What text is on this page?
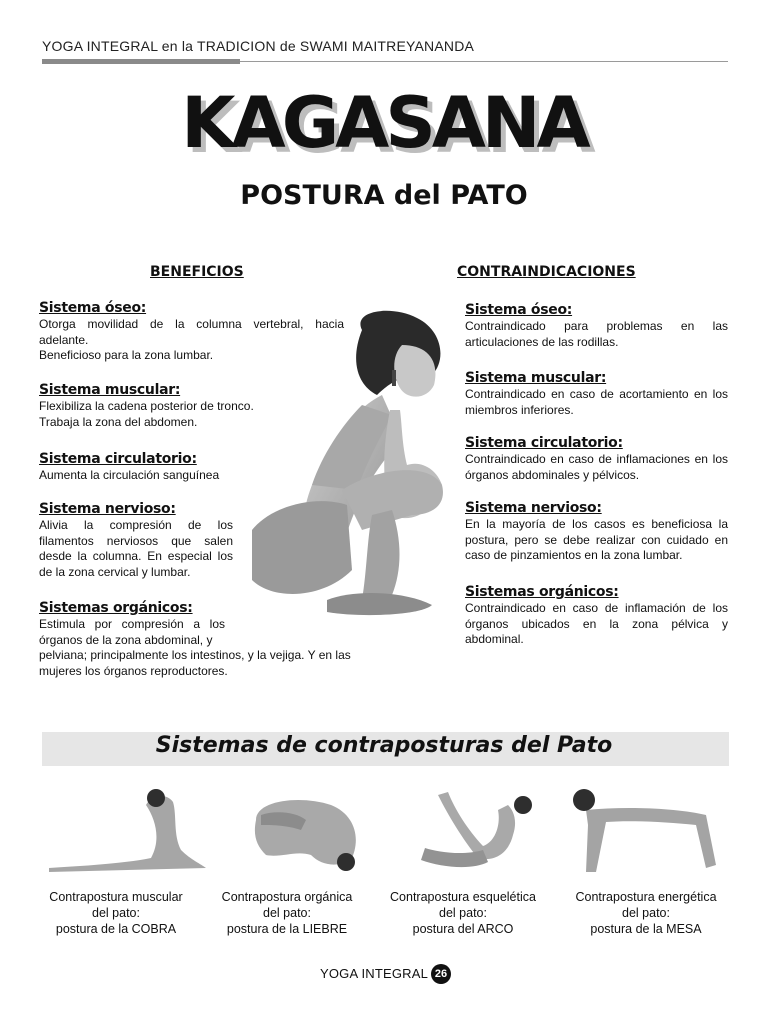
YOGA INTEGRAL en la TRADICION de SWAMI MAITREYANANDA
KAGASANA
POSTURA del PATO
BENEFICIOS	CONTRAINDICACIONES
Sistema óseo:
Otorga movilidad de la columna vertebral, hacia adelante.
Beneficioso para la zona lumbar.
Sistema muscular:
Flexibiliza la cadena posterior de tronco.
Trabaja la zona del abdomen.
Sistema circulatorio:
Aumenta la circulación sanguínea
Sistema nervioso:
Alivia la compresión de los filamentos nerviosos que salen desde la columna. En especial los de la zona cervical y lumbar.
Sistemas orgánicos:
Estimula por compresión a los órganos de la zona abdominal, y
pelviana; principalmente los intestinos, y la vejiga. Y en las mujeres los órganos reproductores.
Sistema óseo:
Contraindicado para problemas en las articulaciones de las rodillas.
Sistema muscular:
Contraindicado en caso de acortamiento en los miembros inferiores.
Sistema circulatorio:
Contraindicado en caso de inflamaciones en los órganos abdominales y pélvicos.
Sistema nervioso:
En la mayoría de los casos es beneficiosa la postura, pero se debe realizar con cuidado en caso de pinzamientos en la zona lumbar.
Sistemas orgánicos:
Contraindicado en caso de inflamación de los órganos ubicados en la zona pélvica y abdominal.
Sistemas de contraposturas del Pato
Contrapostura muscular
del pato:
postura de la COBRA
Contrapostura orgánica
del pato:
postura de la LIEBRE
Contrapostura esquelética
del pato:
postura del ARCO
Contrapostura energética
del pato:
postura de la MESA
YOGA INTEGRAL 26
